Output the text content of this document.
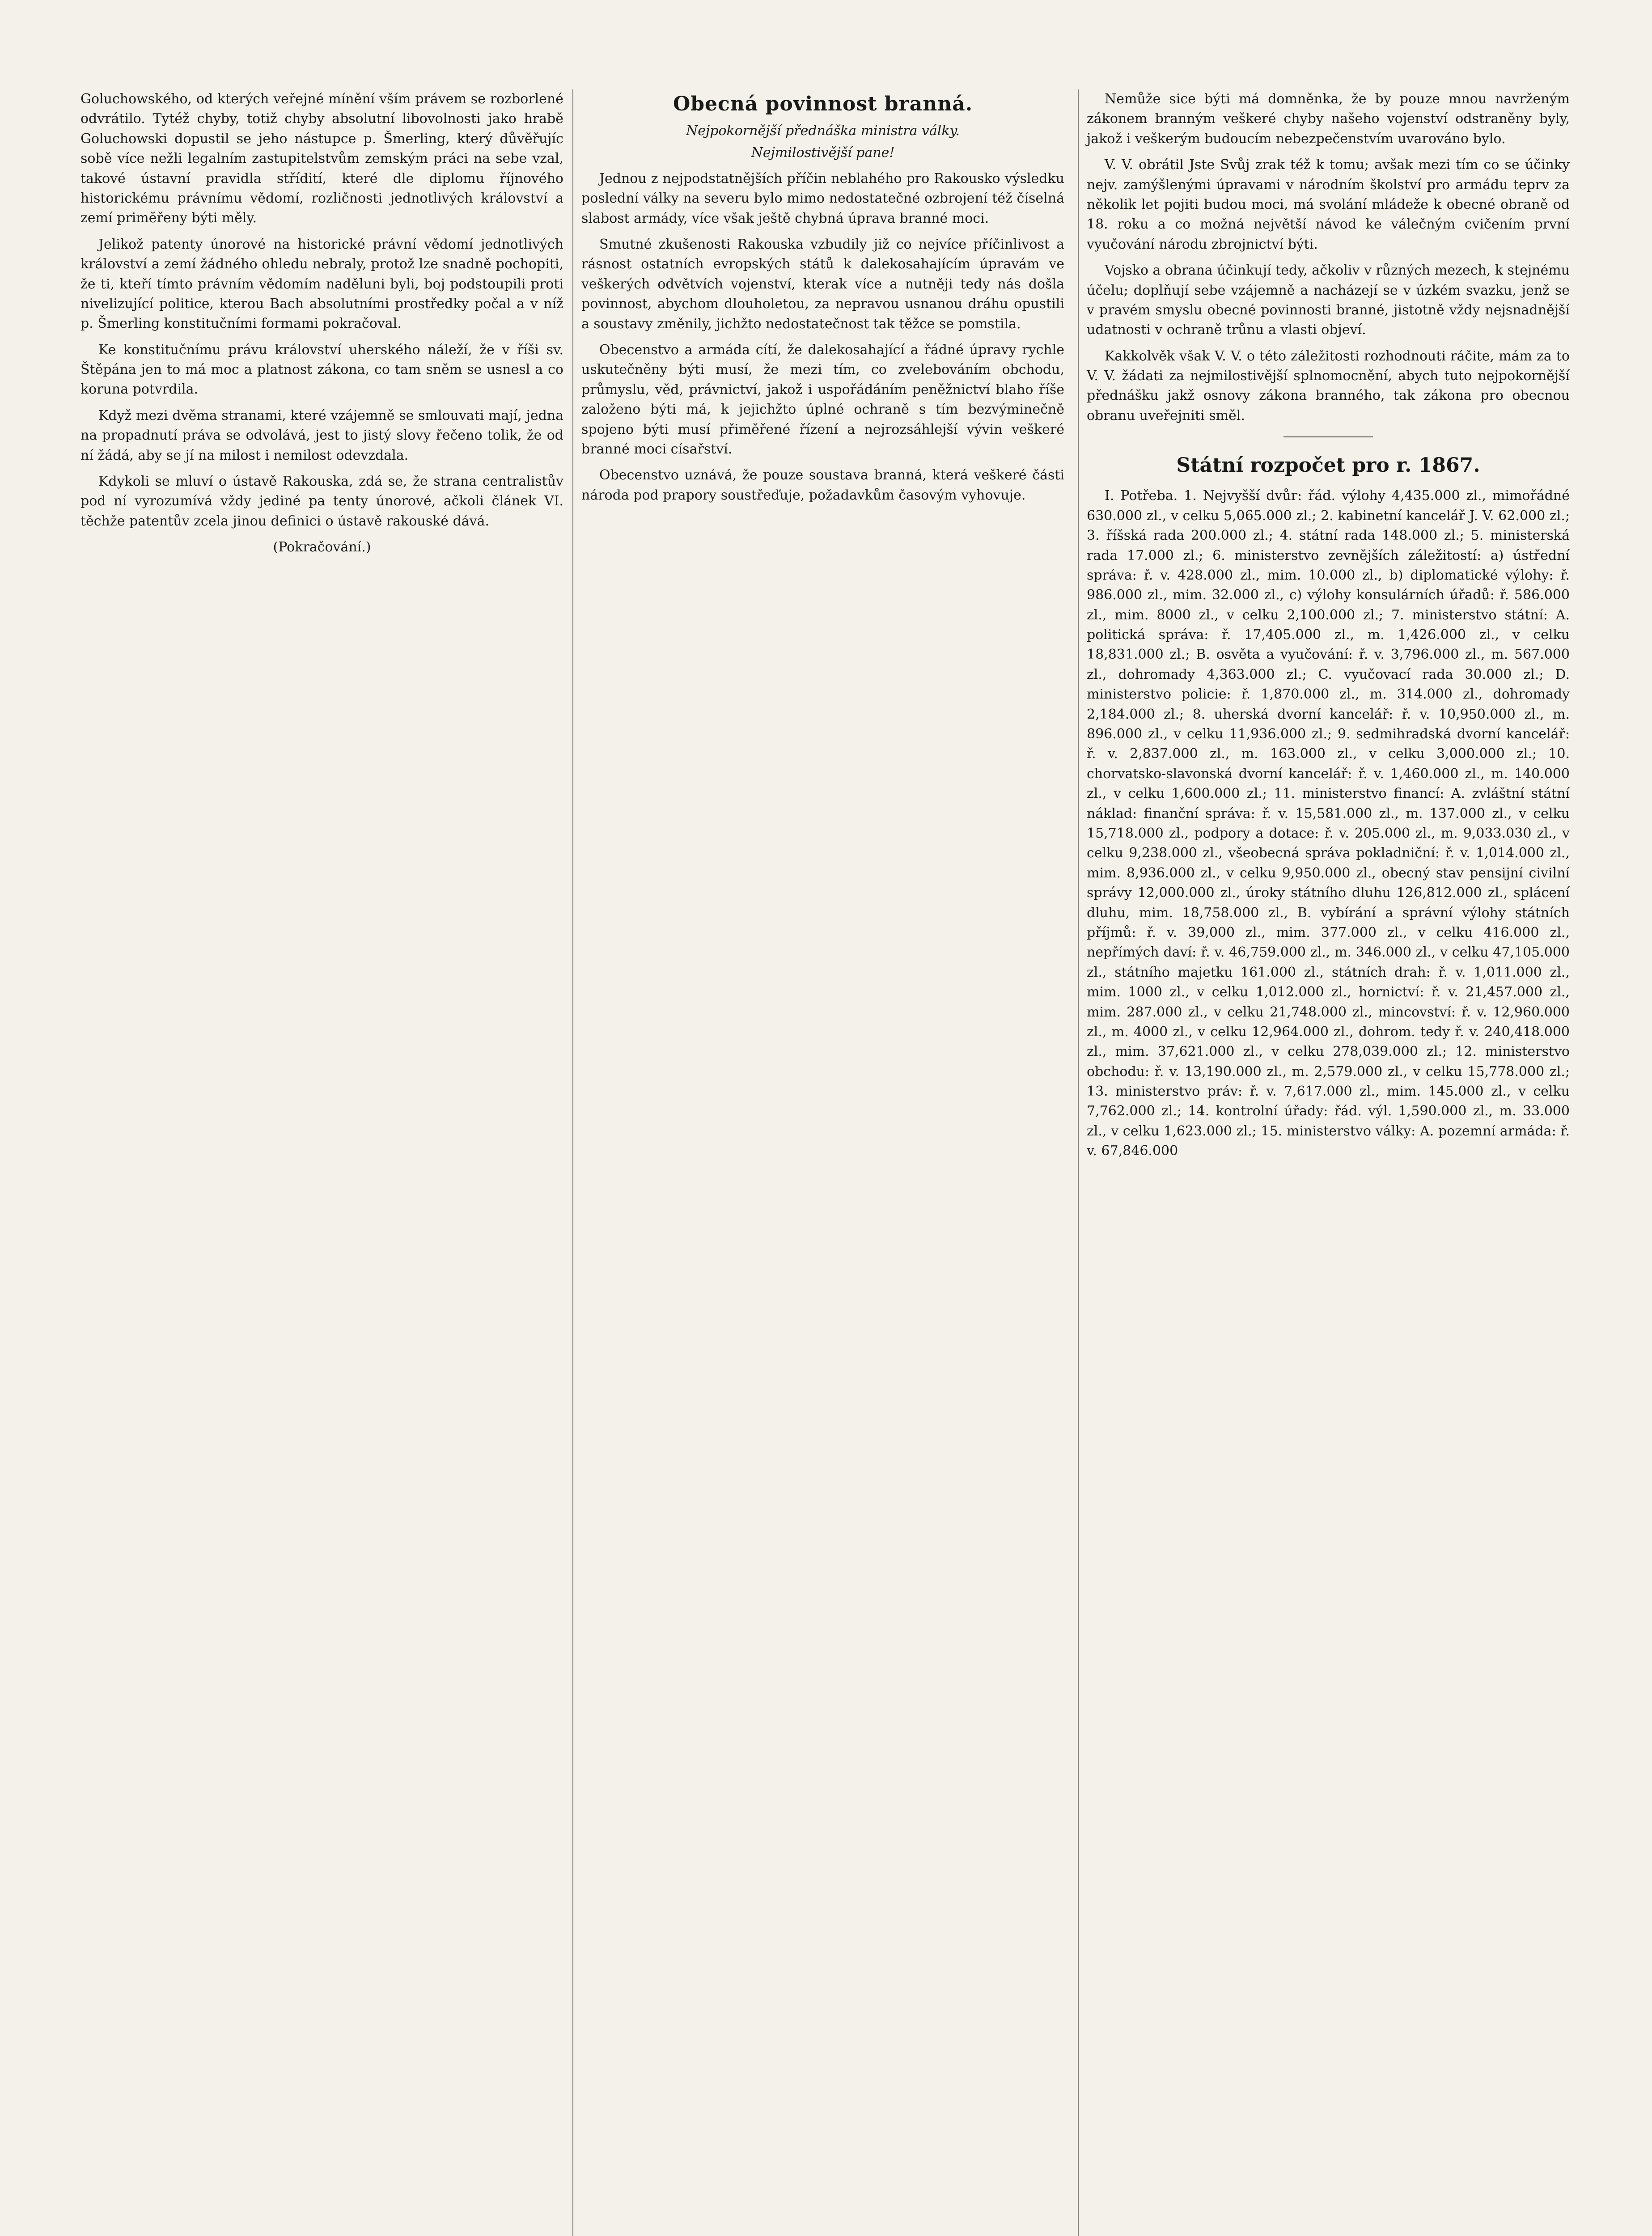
Goluchowského, od kterých veřejné mínění vším právem se rozborlené odvrátilo. Tytéž chyby, totiž chyby absolutní libovolnosti jako hrabě Goluchowski dopustil se jeho nástupce p. Šmerling, který důvěřujíc sobě více nežli legalním zastupitelstvům zemským práci na sebe vzal, takové ústavní pravidla střídití, které dle diplomu říjnového historickému právnímu vědomí, rozličnosti jednotlivých království a zemí primĕřeny býti měly.

Jelikož patenty únorové na historické právní vědomí jednotlivých království a zemí žádného ohledu nebraly, protož lze snadně pochopiti, že ti, kteří tímto právním vědomím naděluni byli, boj podstoupili proti nivelizující politice, kterou Bach absolutními prostředky počal a v níž p. Šmerling konstitučními formami pokračoval.

Ke konstitučnímu právu království uherského náleží, že v říši sv. Štěpána jen to má moc a platnost zákona, co tam sněm se usnesl a co koruna potvrdila.

Když mezi dvěma stranami, které vzájemně se smlouvati mají, jedna na propadnutí práva se odvolává, jest to jistý slovy řečeno tolik, že od ní žádá, aby se jí na milost i nemilost odevzdala.

Kdykoli se mluví o ústavě Rakouska, zdá se, že strana centralistův pod ní vyrozumívá vždy jediné pa tenty únorové, ačkoli článek VI. těchže patentův zcela jinou definici o ústavě rakouské dává.

(Pokračování.)
Obecná povinnost branná.
Nejpokornější přednáška ministra války.
Nejmilostivější pane!

Jednou z nejpodstatnějších příčin neblahého pro Rakousko výsledku poslední války na severu bylo mimo nedostatečné ozbrojení též číselná slabost armády, více však ještě chybná úprava branné moci.

Smutné zkušenosti Rakouska vzbudily již co nejvíce příčinlivost a rásnost ostatních evropských států k dalekosahajícím úpravám ve veškerých odvětvích vojenství, kterak více a nutněji tedy nás došla povinnost, abychom dlouholetou, za nepravou usnanou dráhu opustili a soustavy změnily, jichžto nedostatečnost tak těžce se pomstila.

Obecenstvo a armáda cítí, že dalekosahající a řádné úpravy rychle uskutečněny býti musí, že mezi tím, co zvelebováním obchodu, průmyslu, věd, právnictví, jakož i uspořádáním peněžnictví blaho říše založeno býti má, k jejichžto úplné ochraně s tím bezvýminečně spojeno býti musí přiměřené řízení a nejrozsáhlejší vývin veškeré branné moci císařství.

Obecenstvo uznává, že pouze soustava branná, která veškeré části národa pod prapory soustřeďuje, požadavkům časovým vyhovuje.

Nemůže sice býti má domněnka, že by pouze mnou navrženým zákonem branným veškeré chyby našeho vojenství odstraněny byly, jakož i veškerým budoucím nebezpečenstvím uvarováno bylo.

V. V. obrátil Jste Svůj zrak též k tomu; avšak mezi tím co se účinky nejv. zamýšlenými úpravami v národním školství pro armádu teprv za několik let pojiti budou moci, má svolání mládeže k obecné obraně od 18. roku a co možná největší návod ke válečným cvičením první vyučování národu zbrojnictví býti.

Vojsko a obrana účinkují tedy, ačkoliv v různých mezech, k stejnému účelu; doplňují sebe vzájemně a nacházejí se v úzkém svazku, jenž se v pravém smyslu obecné povinnosti branné, jistotně vždy nejsnadnější udatnosti v ochraně trůnu a vlasti objeví.

Kakkolvěk však V. V. o této záležitosti rozhodnouti ráčite, mám za to V. V. žádati za nejmilostivější splnomocnění, abych tuto nejpokornější přednášku jakž osnovy zákona branného, tak zákona pro obecnou obranu uveřejniti směl.

Státní rozpočet pro r. 1867.

I. Potřeba. 1. Nejvyšší dvůr: řád. výlohy 4,435.000 zl., mimořádné 630.000 zl., v celku 5,065.000 zl.; 2. kabinetní kancelář J. V. 62.000 zl.; 3. říšská rada 200.000 zl.; 4. státní rada 148.000 zl.; 5. ministerská rada 17.000 zl.; 6. ministerstvo zevnějších záležitostí: a) ústřední správa: ř. v. 428.000 zl., mim. 10.000 zl., b) diplomatické výlohy: ř. 986.000 zl., mim. 32.000 zl., c) výlohy konsulárních úřadů: ř. 586.000 zl., mim. 8000 zl., v celku 2,100.000 zl.; 7. ministerstvo státní: A. politická správa: ř. 17,405.000 zl., m. 1,426.000 zl., v celku 18,831.000 zl.; B. osvěta a vyučování: ř. v. 3,796.000 zl., m. 567.000 zl., dohromady 4,363.000 zl.; C. vyučovací rada 30.000 zl.; D. ministerstvo policie: ř. 1,870.000 zl., m. 314.000 zl., dohromady 2,184.000 zl.; 8. uherská dvorní kancelář: ř. v. 10,950.000 zl., m. 896.000 zl., v celku 11,936.000 zl.; 9. sedmihradská dvorní kancelář: ř. v. 2,837.000 zl., m. 163.000 zl., v celku 3,000.000 zl.; 10. chorvatsko-slavonská dvorní kancelář: ř. v. 1,460.000 zl., m. 140.000 zl., v celku 1,600.000 zl.; 11. ministerstvo financí: A. zvláštní státní náklad: finanční správa: ř. v. 15,581.000 zl., m. 137.000 zl., v celku 15,718.000 zl., podpory a dotace: ř. v. 205.000 zl., m. 9,033.030 zl., v celku 9,238.000 zl., všeobecná správa pokladniční: ř. v. 1,014.000 zl., mim. 8,936.000 zl., v celku 9,950.000 zl., obecný stav pensijní civilní správy 12,000.000 zl., úroky státního dluhu 126,812.000 zl., splácení dluhu, mim. 18,758.000 zl., B. vybírání a správní výlohy státních příjmů: ř. v. 39,000 zl., mim. 377.000 zl., v celku 416.000 zl., nepřímých daví: ř. v. 46,759.000 zl., m. 346.000 zl., v celku 47,105.000 zl., státního majetku 161.000 zl., státních drah: ř. v. 1,011.000 zl., mim. 1000 zl., v celku 1,012.000 zl., hornictví: ř. v. 21,457.000 zl., mim. 287.000 zl., v celku 21,748.000 zl., mincovství: ř. v. 12,960.000 zl., m. 4000 zl., v celku 12,964.000 zl., dohrom. tedy ř. v. 240,418.000 zl., mim. 37,621.000 zl., v celku 278,039.000 zl.; 12. ministerstvo obchodu: ř. v. 13,190.000 zl., m. 2,579.000 zl., v celku 15,778.000 zl.; 13. ministerstvo práv: ř. v. 7,617.000 zl., mim. 145.000 zl., v celku 7,762.000 zl.; 14. kontrolní úřady: řád. výl. 1,590.000 zl., m. 33.000 zl., v celku 1,623.000 zl.; 15. ministerstvo války: A. pozemní armáda: ř. v. 67,846.000
